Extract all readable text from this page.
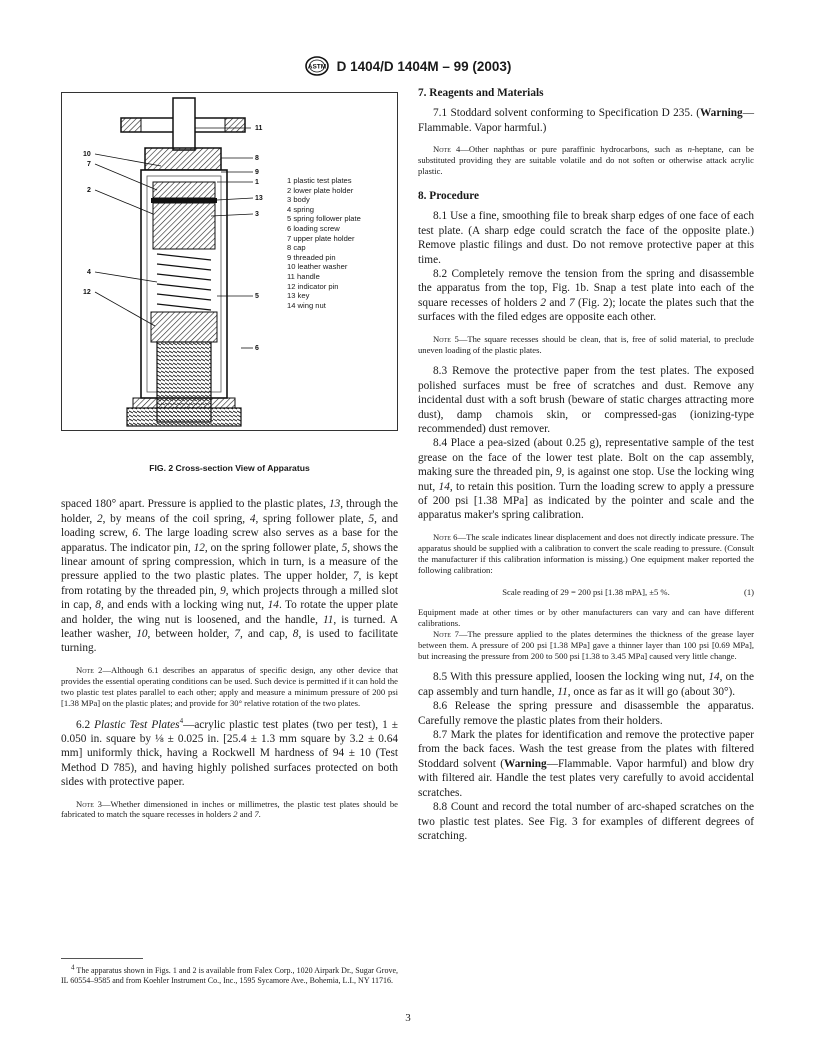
ASTM D 1404/D 1404M – 99 (2003)
11
10
8
7
9
1
2
13
3
4
12
5
6
1 plastic test plates
2 lower plate holder
3 body
4 spring
5 spring follower plate
6 loading screw
7 upper plate holder
8 cap
9 threaded pin
10 leather washer
11 handle
12 indicator pin
13 key
14 wing nut
FIG. 2 Cross-section View of Apparatus

spaced 180° apart. Pressure is applied to the plastic plates, 13, through the holder, 2, by means of the coil spring, 4, spring follower plate, 5, and loading screw, 6. The large loading screw also serves as a base for the apparatus. The indicator pin, 12, on the spring follower plate, 5, shows the linear amount of spring compression, which in turn, is a measure of the pressure applied to the two plastic plates. The upper holder, 7, is kept from rotating by the threaded pin, 9, which projects through a milled slot in cap, 8, and ends with a locking wing nut, 14. To rotate the upper plate and holder, the wing nut is loosened, and the handle, 11, is turned. A leather washer, 10, between holder, 7, and cap, 8, is used to facilitate turning.

Note 2—Although 6.1 describes an apparatus of specific design, any other device that provides the essential operating conditions can be used. Such device is permitted if it can hold the two plastic test plates parallel to each other; apply and measure a minimum pressure of 200 psi [1.38 MPa] on the plastic plates; and provide for 30° relative rotation of the two plates.

6.2 Plastic Test Plates$^4$—acrylic plastic test plates (two per test), 1 ± 0.050 in. square by ⅛ ± 0.025 in. [25.4 ± 1.3 mm square by 3.2 ± 0.64 mm] uniformly thick, having a Rockwell M hardness of 94 ± 10 (Test Method D 785), and having highly polished surfaces protected on both sides with protective paper.

Note 3—Whether dimensioned in inches or millimetres, the plastic test plates should be fabricated to match the square recesses in holders 2 and 7.

$^4$ The apparatus shown in Figs. 1 and 2 is available from Falex Corp., 1020 Airpark Dr., Sugar Grove, IL 60554–9585 and from Koehler Instrument Co., Inc., 1595 Sycamore Ave., Bohemia, L.I., NY 11716.

7. Reagents and Materials

7.1 Stoddard solvent conforming to Specification D 235. (Warning—Flammable. Vapor harmful.)

Note 4—Other naphthas or pure paraffinic hydrocarbons, such as n-heptane, can be substituted providing they are suitable volatile and do not soften or otherwise attack acrylic plastic.

8. Procedure

8.1 Use a fine, smoothing file to break sharp edges of one face of each test plate. (A sharp edge could scratch the face of the opposite plate.) Remove plastic filings and dust. Do not remove protective paper at this time.

8.2 Completely remove the tension from the spring and disassemble the apparatus from the top, Fig. 1b. Snap a test plate into each of the square recesses of holders 2 and 7 (Fig. 2); locate the plates such that the surfaces with the filed edges are opposite each other.

Note 5—The square recesses should be clean, that is, free of solid material, to preclude uneven loading of the plastic plates.

8.3 Remove the protective paper from the test plates. The exposed polished surfaces must be free of scratches and dust. Remove any incidental dust with a soft brush (beware of static charges attracting more dust), damp chamois skin, or compressed-gas (ionizing-type recommended) dust remover.

8.4 Place a pea-sized (about 0.25 g), representative sample of the test grease on the face of the lower test plate. Bolt on the cap assembly, making sure the threaded pin, 9, is against one stop. Use the locking wing nut, 14, to retain this position. Turn the loading screw to apply a pressure of 200 psi [1.38 MPa] as indicated by the pointer and scale and the apparatus maker's spring calibration.

Note 6—The scale indicates linear displacement and does not directly indicate pressure. The apparatus should be supplied with a calibration to convert the scale reading to pressure. (Consult the manufacturer if this calibration information is missing.) One equipment maker reported the following calibration:

Scale reading of 29 = 200 psi [1.38 mPA], ±5 %.	(1)

Equipment made at other times or by other manufacturers can vary and can have different calibrations.

Note 7—The pressure applied to the plates determines the thickness of the grease layer between them. A pressure of 200 psi [1.38 MPa] gave a thinner layer than 100 psi [0.69 MPa], but increasing the pressure from 200 to 500 psi [1.38 to 3.45 MPa] caused very little change.

8.5 With this pressure applied, loosen the locking wing nut, 14, on the cap assembly and turn handle, 11, once as far as it will go (about 30°).

8.6 Release the spring pressure and disassemble the apparatus. Carefully remove the plastic plates from their holders.

8.7 Mark the plates for identification and remove the protective paper from the back faces. Wash the test grease from the plates with filtered Stoddard solvent (Warning—Flammable. Vapor harmful) and blow dry with filtered air. Handle the test plates very carefully to avoid accidental scratches.

8.8 Count and record the total number of arc-shaped scratches on the two plastic test plates. See Fig. 3 for examples of different degrees of scratching.

3
